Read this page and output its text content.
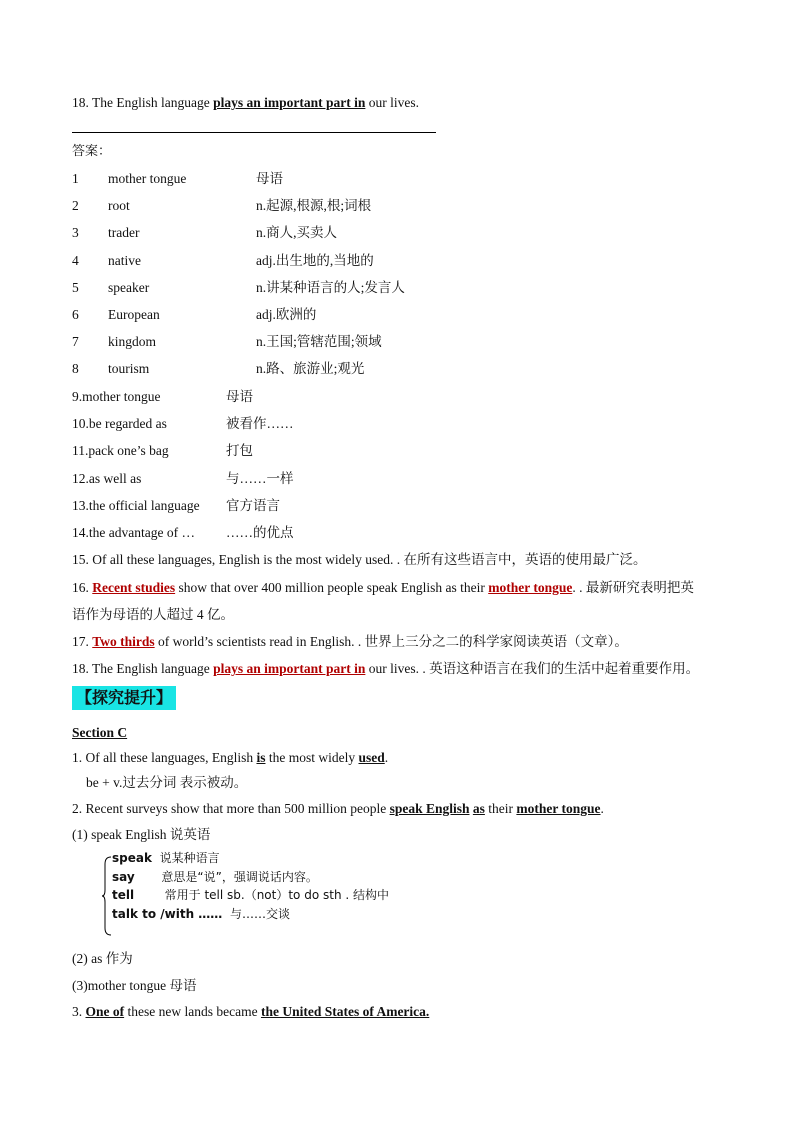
18. The English language plays an important part in our lives.
答案：
1 mother tongue	母语
2 root	n.起源,根源,根;词根
3 trader	n.商人,买卖人
4 native	adj.出生地的,当地的
5 speaker	n.讲某种语言的人;发言人
6 European	adj.欧洲的
7 kingdom	n.王国;管辖范围;领域
8 tourism	n.路、旅游业;观光
9.mother tongue	母语
10.be regarded as	被看作……
11.pack one’s bag	打包
12.as well as	与……一样
13.the official language 官方语言
14.the advantage of … ……的优点
15. Of all these languages, English is the most widely used. . 在所有这些语言中，英语的使用最广泛。
16. Recent studies show that over 400 million people speak English as their mother tongue. . 最新研究表明把英
语作为母语的人超过 4 亿。
17. Two thirds of world’s scientists read in English. . 世界上三分之二的科学家阅读英语（文章）。
18. The English language plays an important part in our lives. . 英语这种语言在我们的生活中起着重要作用。
【探究提升】
Section C
1. Of all these languages, English is the most widely used.
be + v.过去分词 表示被动。
2. Recent surveys show that more than 500 million people speak English as their mother tongue.
(1) speak English 说英语
speak  说某种语言
say       意思是“说”，强调说话内容。
tell        常用于 tell sb.（not）to do sth . 结构中
talk to /with ……  与……交谈
(2) as 作为
(3)mother tongue 母语
3. One of these new lands became the United States of America.
